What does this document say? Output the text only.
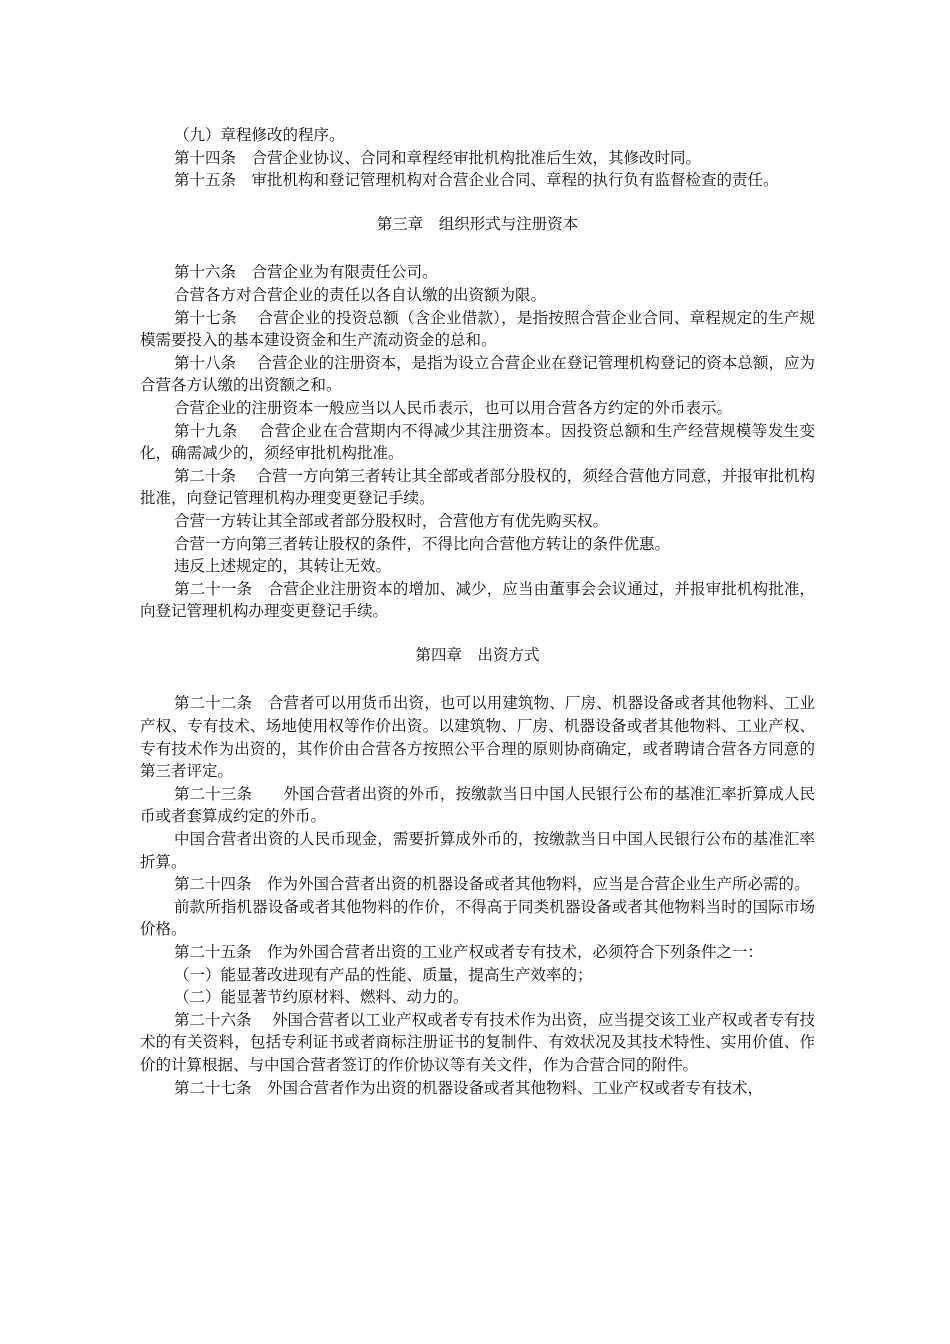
（九）章程修改的程序。

第十四条　合营企业协议、合同和章程经审批机构批准后生效，其修改时同。

第十五条　审批机构和登记管理机构对合营企业合同、章程的执行负有监督检查的责任。

第三章　组织形式与注册资本

第十六条　合营企业为有限责任公司。

合营各方对合营企业的责任以各自认缴的出资额为限。

第十七条　 合营企业的投资总额（含企业借款），是指按照合营企业合同、章程规定的生产规模需要投入的基本建设资金和生产流动资金的总和。

第十八条　 合营企业的注册资本，是指为设立合营企业在登记管理机构登记的资本总额，应为合营各方认缴的出资额之和。

合营企业的注册资本一般应当以人民币表示，也可以用合营各方约定的外币表示。

第十九条　 合营企业在合营期内不得减少其注册资本。因投资总额和生产经营规模等发生变化，确需减少的，须经审批机构批准。

第二十条　 合营一方向第三者转让其全部或者部分股权的，须经合营他方同意，并报审批机构批准，向登记管理机构办理变更登记手续。

合营一方转让其全部或者部分股权时，合营他方有优先购买权。

合营一方向第三者转让股权的条件，不得比向合营他方转让的条件优惠。

违反上述规定的，其转让无效。

第二十一条　合营企业注册资本的增加、减少，应当由董事会会议通过，并报审批机构批准，向登记管理机构办理变更登记手续。

第四章　出资方式

第二十二条　合营者可以用货币出资，也可以用建筑物、厂房、机器设备或者其他物料、工业产权、专有技术、场地使用权等作价出资。以建筑物、厂房、机器设备或者其他物料、工业产权、专有技术作为出资的，其作价由合营各方按照公平合理的原则协商确定，或者聘请合营各方同意的第三者评定。

第二十三条　　外国合营者出资的外币，按缴款当日中国人民银行公布的基准汇率折算成人民币或者套算成约定的外币。

中国合营者出资的人民币现金，需要折算成外币的，按缴款当日中国人民银行公布的基准汇率折算。

第二十四条　作为外国合营者出资的机器设备或者其他物料，应当是合营企业生产所必需的。

前款所指机器设备或者其他物料的作价，不得高于同类机器设备或者其他物料当时的国际市场价格。

第二十五条　作为外国合营者出资的工业产权或者专有技术，必须符合下列条件之一：

（一）能显著改进现有产品的性能、质量，提高生产效率的；

（二）能显著节约原材料、燃料、动力的。

第二十六条　 外国合营者以工业产权或者专有技术作为出资，应当提交该工业产权或者专有技术的有关资料，包括专利证书或者商标注册证书的复制件、有效状况及其技术特性、实用价值、作价的计算根据、与中国合营者签订的作价协议等有关文件，作为合营合同的附件。

第二十七条　外国合营者作为出资的机器设备或者其他物料、工业产权或者专有技术，
